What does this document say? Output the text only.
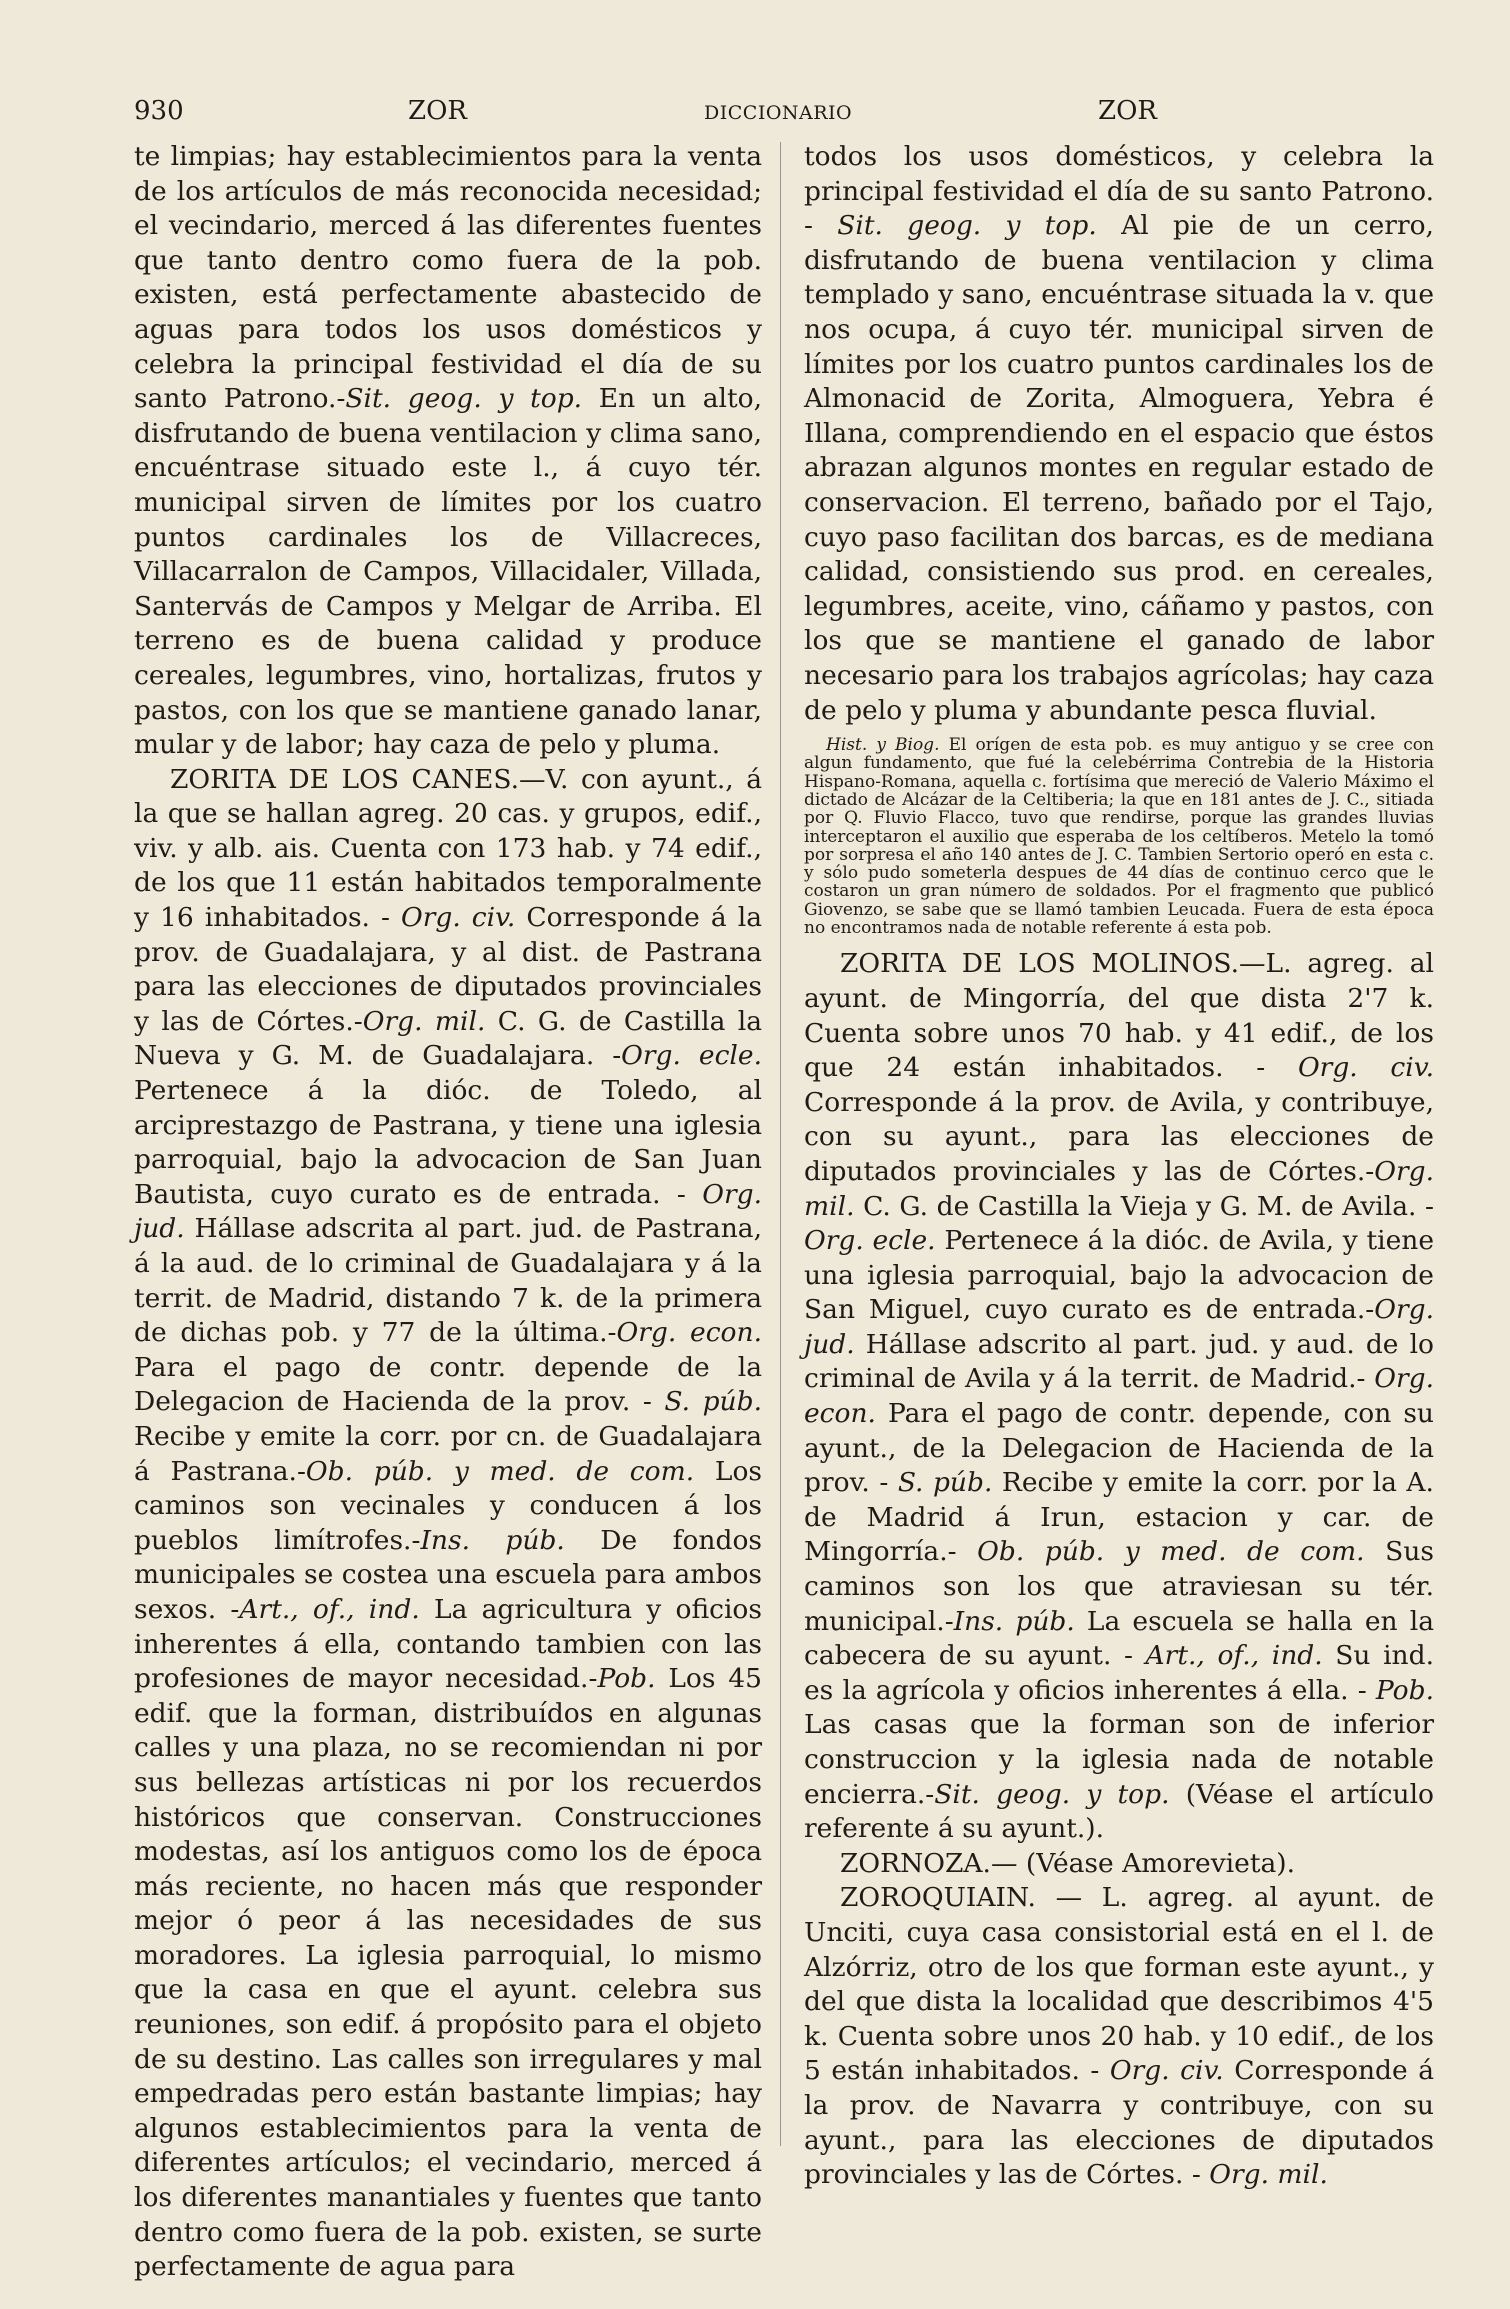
930	ZOR	DICCIONARIO	ZOR

te limpias; hay establecimientos para la venta de los artículos de más reconocida necesidad; el vecindario, merced á las diferentes fuentes que tanto dentro como fuera de la pob. existen, está perfectamente abastecido de aguas para todos los usos domésticos y celebra la principal festividad el día de su santo Patrono.-Sit. geog. y top. En un alto, disfrutando de buena ventilacion y clima sano, encuéntrase situado este l., á cuyo tér. municipal sirven de límites por los cuatro puntos cardinales los de Villacreces, Villacarralon de Campos, Villacidaler, Villada, Santervás de Campos y Melgar de Arriba. El terreno es de buena calidad y produce cereales, legumbres, vino, hortalizas, frutos y pastos, con los que se mantiene ganado lanar, mular y de labor; hay caza de pelo y pluma.

ZORITA DE LOS CANES.—V. con ayunt., á la que se hallan agreg. 20 cas. y grupos, edif., viv. y alb. ais. Cuenta con 173 hab. y 74 edif., de los que 11 están habitados temporalmente y 16 inhabitados. - Org. civ. Corresponde á la prov. de Guadalajara, y al dist. de Pastrana para las elecciones de diputados provinciales y las de Córtes.-Org. mil. C. G. de Castilla la Nueva y G. M. de Guadalajara. -Org. ecle. Pertenece á la dióc. de Toledo, al arciprestazgo de Pastrana, y tiene una iglesia parroquial, bajo la advocacion de San Juan Bautista, cuyo curato es de entrada. - Org. jud. Hállase adscrita al part. jud. de Pastrana, á la aud. de lo criminal de Guadalajara y á la territ. de Madrid, distando 7 k. de la primera de dichas pob. y 77 de la última.-Org. econ. Para el pago de contr. depende de la Delegacion de Hacienda de la prov. - S. púb. Recibe y emite la corr. por cn. de Guadalajara á Pastrana.-Ob. púb. y med. de com. Los caminos son vecinales y conducen á los pueblos limítrofes.-Ins. púb. De fondos municipales se costea una escuela para ambos sexos. -Art., of., ind. La agricultura y oficios inherentes á ella, contando tambien con las profesiones de mayor necesidad.-Pob. Los 45 edif. que la forman, distribuídos en algunas calles y una plaza, no se recomiendan ni por sus bellezas artísticas ni por los recuerdos históricos que conservan. Construcciones modestas, así los antiguos como los de época más reciente, no hacen más que responder mejor ó peor á las necesidades de sus moradores. La iglesia parroquial, lo mismo que la casa en que el ayunt. celebra sus reuniones, son edif. á propósito para el objeto de su destino. Las calles son irregulares y mal empedradas pero están bastante limpias; hay algunos establecimientos para la venta de diferentes artículos; el vecindario, merced á los diferentes manantiales y fuentes que tanto dentro como fuera de la pob. existen, se surte perfectamente de agua para

todos los usos domésticos, y celebra la principal festividad el día de su santo Patrono. - Sit. geog. y top. Al pie de un cerro, disfrutando de buena ventilacion y clima templado y sano, encuéntrase situada la v. que nos ocupa, á cuyo tér. municipal sirven de límites por los cuatro puntos cardinales los de Almonacid de Zorita, Almoguera, Yebra é Illana, comprendiendo en el espacio que éstos abrazan algunos montes en regular estado de conservacion. El terreno, bañado por el Tajo, cuyo paso facilitan dos barcas, es de mediana calidad, consistiendo sus prod. en cereales, legumbres, aceite, vino, cáñamo y pastos, con los que se mantiene el ganado de labor necesario para los trabajos agrícolas; hay caza de pelo y pluma y abundante pesca fluvial.

Hist. y Biog. El orígen de esta pob. es muy antiguo y se cree con algun fundamento, que fué la celebérrima Contrebia de la Historia Hispano-Romana, aquella c. fortísima que mereció de Valerio Máximo el dictado de Alcázar de la Celtiberia; la que en 181 antes de J. C., sitiada por Q. Fluvio Flacco, tuvo que rendirse, porque las grandes lluvias interceptaron el auxilio que esperaba de los celtíberos. Metelo la tomó por sorpresa el año 140 antes de J. C. Tambien Sertorio operó en esta c. y sólo pudo someterla despues de 44 días de continuo cerco que le costaron un gran número de soldados. Por el fragmento que publicó Giovenzo, se sabe que se llamó tambien Leucada. Fuera de esta época no encontramos nada de notable referente á esta pob.

ZORITA DE LOS MOLINOS.—L. agreg. al ayunt. de Mingorría, del que dista 2'7 k. Cuenta sobre unos 70 hab. y 41 edif., de los que 24 están inhabitados. - Org. civ. Corresponde á la prov. de Avila, y contribuye, con su ayunt., para las elecciones de diputados provinciales y las de Córtes.-Org. mil. C. G. de Castilla la Vieja y G. M. de Avila. - Org. ecle. Pertenece á la dióc. de Avila, y tiene una iglesia parroquial, bajo la advocacion de San Miguel, cuyo curato es de entrada.-Org. jud. Hállase adscrito al part. jud. y aud. de lo criminal de Avila y á la territ. de Madrid.- Org. econ. Para el pago de contr. depende, con su ayunt., de la Delegacion de Hacienda de la prov. - S. púb. Recibe y emite la corr. por la A. de Madrid á Irun, estacion y car. de Mingorría.- Ob. púb. y med. de com. Sus caminos son los que atraviesan su tér. municipal.-Ins. púb. La escuela se halla en la cabecera de su ayunt. - Art., of., ind. Su ind. es la agrícola y oficios inherentes á ella. - Pob. Las casas que la forman son de inferior construccion y la iglesia nada de notable encierra.-Sit. geog. y top. (Véase el artículo referente á su ayunt.).

ZORNOZA.— (Véase Amorevieta).

ZOROQUIAIN. — L. agreg. al ayunt. de Unciti, cuya casa consistorial está en el l. de Alzórriz, otro de los que forman este ayunt., y del que dista la localidad que describimos 4'5 k. Cuenta sobre unos 20 hab. y 10 edif., de los 5 están inhabitados. - Org. civ. Corresponde á la prov. de Navarra y contribuye, con su ayunt., para las elecciones de diputados provinciales y las de Córtes. - Org. mil.
